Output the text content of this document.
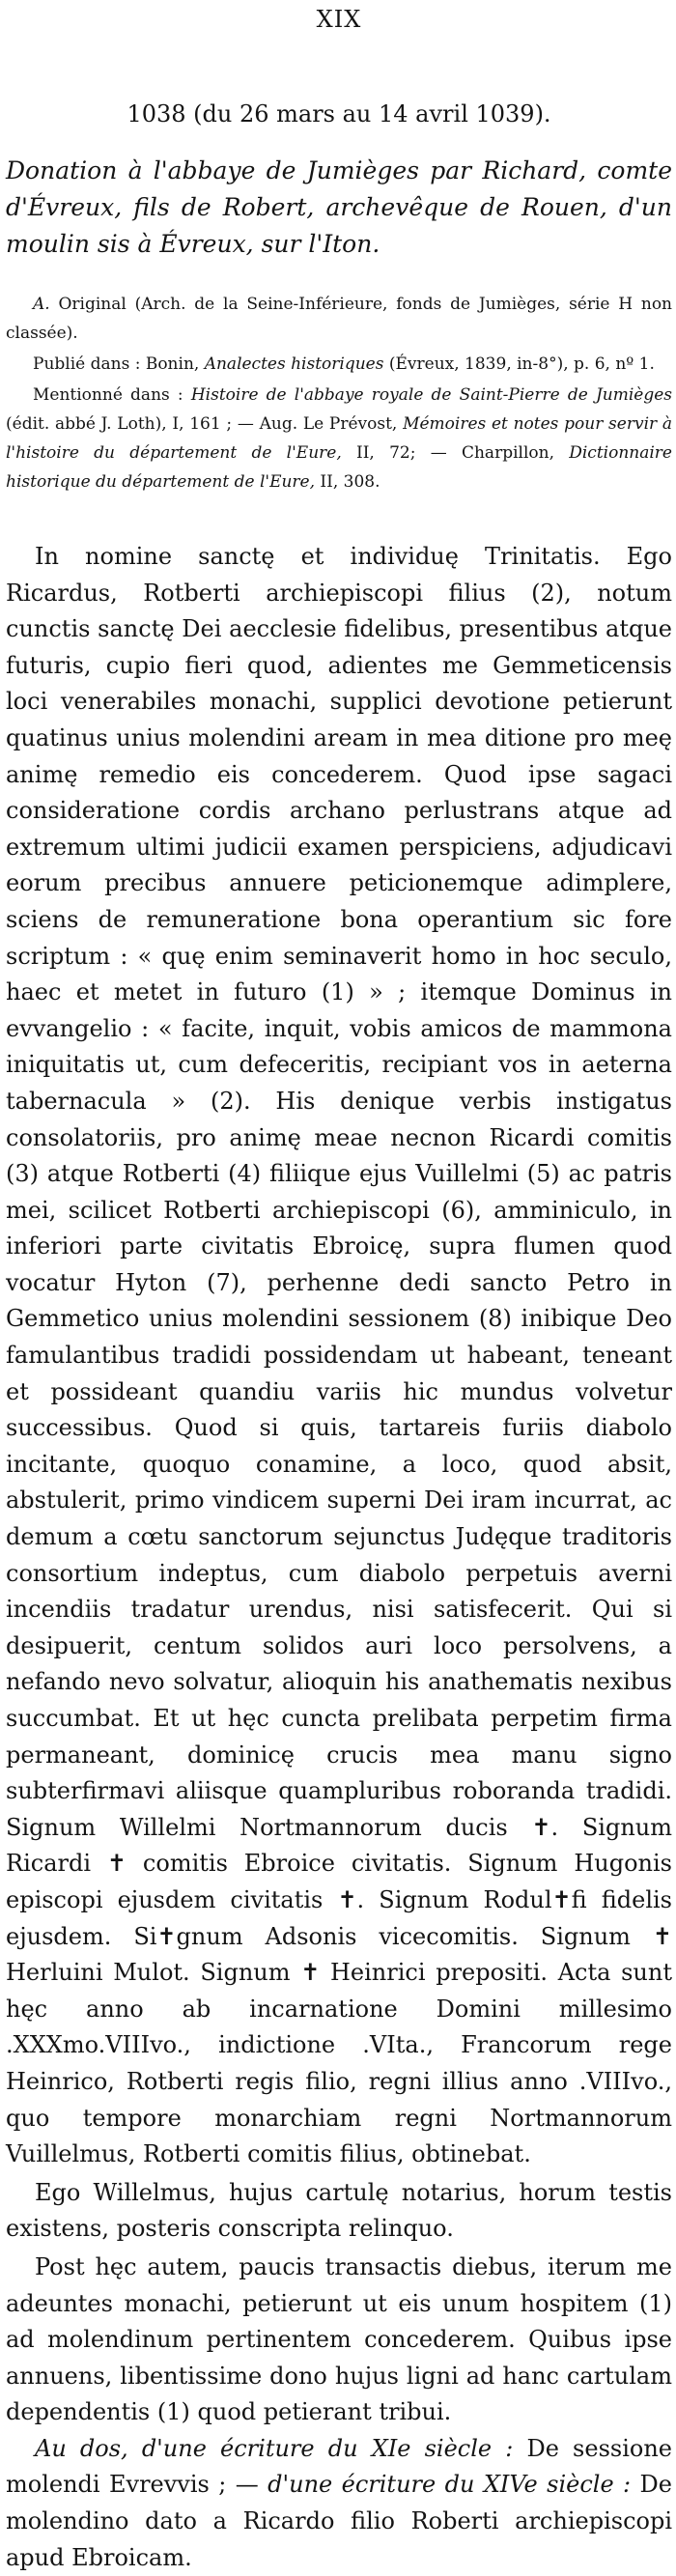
XIX
1038 (du 26 mars au 14 avril 1039).
Donation à l'abbaye de Jumièges par Richard, comte d'Évreux, fils de Robert, archevêque de Rouen, d'un moulin sis à Évreux, sur l'Iton.

A. Original (Arch. de la Seine-Inférieure, fonds de Jumièges, série H non classée).

Publié dans : Bonin, Analectes historiques (Évreux, 1839, in-8°), p. 6, nº 1.

Mentionné dans : Histoire de l'abbaye royale de Saint-Pierre de Jumièges (édit. abbé J. Loth), I, 161 ; — Aug. Le Prévost, Mémoires et notes pour servir à l'histoire du département de l'Eure, II, 72; — Charpillon, Dictionnaire historique du département de l'Eure, II, 308.

In nomine sanctę et individuę Trinitatis. Ego Ricardus, Rotberti archiepiscopi filius (2), notum cunctis sanctę Dei aecclesie fidelibus, presentibus atque futuris, cupio fieri quod, adientes me Gemmeticensis loci venerabiles monachi, supplici devotione petierunt quatinus unius molendini aream in mea ditione pro meę animę remedio eis concederem. Quod ipse sagaci consideratione cordis archano perlustrans atque ad extremum ultimi judicii examen perspiciens, adjudicavi eorum precibus annuere peticionemque adimplere, sciens de remuneratione bona operantium sic fore scriptum : « quę enim seminaverit homo in hoc seculo, haec et metet in futuro (1) » ; itemque Dominus in evvangelio : « facite, inquit, vobis amicos de mammona iniquitatis ut, cum defeceritis, recipiant vos in aeterna tabernacula » (2). His denique verbis instigatus consolatoriis, pro animę meae necnon Ricardi comitis (3) atque Rotberti (4) filiique ejus Vuillelmi (5) ac patris mei, scilicet Rotberti archiepiscopi (6), amminiculo, in inferiori parte civitatis Ebroicę, supra flumen quod vocatur Hyton (7), perhenne dedi sancto Petro in Gemmetico unius molendini sessionem (8) inibique Deo famulantibus tradidi possidendam ut habeant, teneant et possideant quandiu variis hic mundus volvetur successibus. Quod si quis, tartareis furiis diabolo incitante, quoquo conamine, a loco, quod absit, abstulerit, primo vindicem superni Dei iram incurrat, ac demum a cœtu sanctorum sejunctus Judęque traditoris consortium indeptus, cum diabolo perpetuis averni incendiis tradatur urendus, nisi satisfecerit. Qui si desipuerit, centum solidos auri loco persolvens, a nefando nevo solvatur, alioquin his anathematis nexibus succumbat. Et ut hęc cuncta prelibata perpetim firma permaneant, dominicę crucis mea manu signo subterfirmavi aliisque quampluribus roboranda tradidi. Signum Willelmi Nortmannorum ducis ✝. Signum Ricardi ✝ comitis Ebroice civitatis. Signum Hugonis episcopi ejusdem civitatis ✝. Signum Rodul✝fi fidelis ejusdem. Si✝gnum Adsonis vicecomitis. Signum ✝ Herluini Mulot. Signum ✝ Heinrici prepositi. Acta sunt hęc anno ab incarnatione Domini millesimo .XXXmo.VIIIvo., indictione .VIta., Francorum rege Heinrico, Rotberti regis filio, regni illius anno .VIIIvo., quo tempore monarchiam regni Nortmannorum Vuillelmus, Rotberti comitis filius, obtinebat.

Ego Willelmus, hujus cartulę notarius, horum testis existens, posteris conscripta relinquo.

Post hęc autem, paucis transactis diebus, iterum me adeuntes monachi, petierunt ut eis unum hospitem (1) ad molendinum pertinentem concederem. Quibus ipse annuens, libentissime dono hujus ligni ad hanc cartulam dependentis (1) quod petierant tribui.

Au dos, d'une écriture du XIe siècle : De sessione molendi Evrevvis ; — d'une écriture du XIVe siècle : De molendino dato a Ricardo filio Roberti archiepiscopi apud Ebroicam.
